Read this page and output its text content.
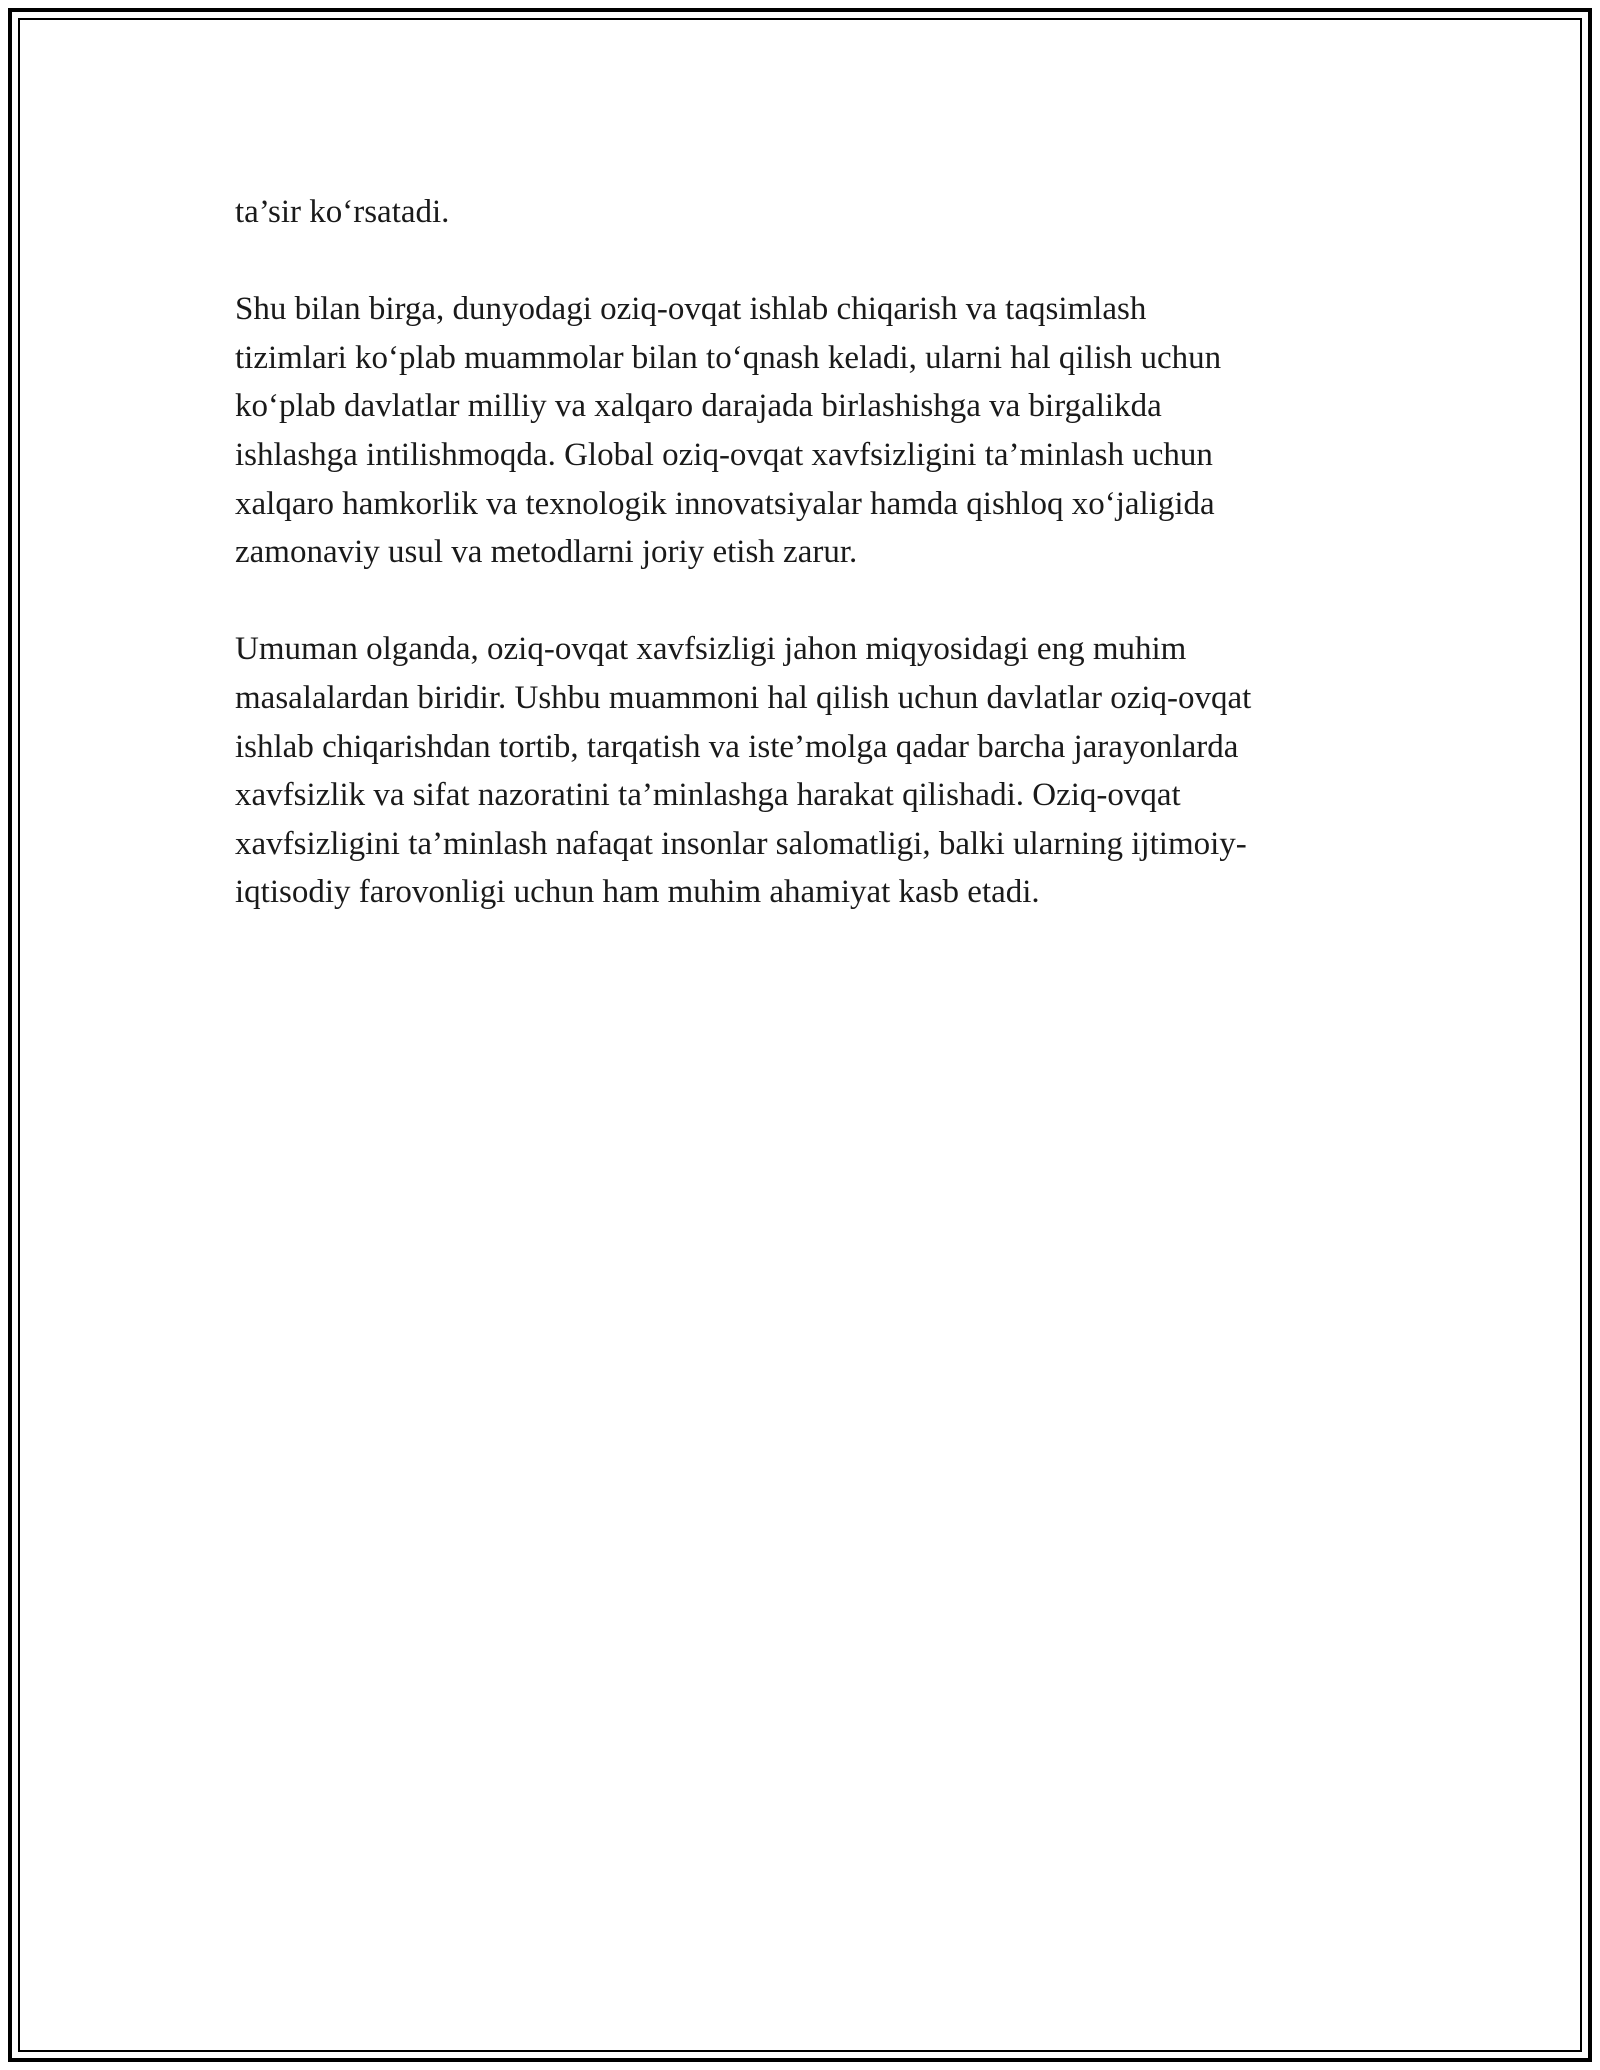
ta’sir ko‘rsatadi.

Shu bilan birga, dunyodagi oziq-ovqat ishlab chiqarish va taqsimlash
tizimlari ko‘plab muammolar bilan to‘qnash keladi, ularni hal qilish uchun
ko‘plab davlatlar milliy va xalqaro darajada birlashishga va birgalikda
ishlashga intilishmoqda. Global oziq-ovqat xavfsizligini ta’minlash uchun
xalqaro hamkorlik va texnologik innovatsiyalar hamda qishloq xo‘jaligida
zamonaviy usul va metodlarni joriy etish zarur.

Umuman olganda, oziq-ovqat xavfsizligi jahon miqyosidagi eng muhim
masalalardan biridir. Ushbu muammoni hal qilish uchun davlatlar oziq-ovqat
ishlab chiqarishdan tortib, tarqatish va iste’molga qadar barcha jarayonlarda
xavfsizlik va sifat nazoratini ta’minlashga harakat qilishadi. Oziq-ovqat
xavfsizligini ta’minlash nafaqat insonlar salomatligi, balki ularning ijtimoiy-
iqtisodiy farovonligi uchun ham muhim ahamiyat kasb etadi.
